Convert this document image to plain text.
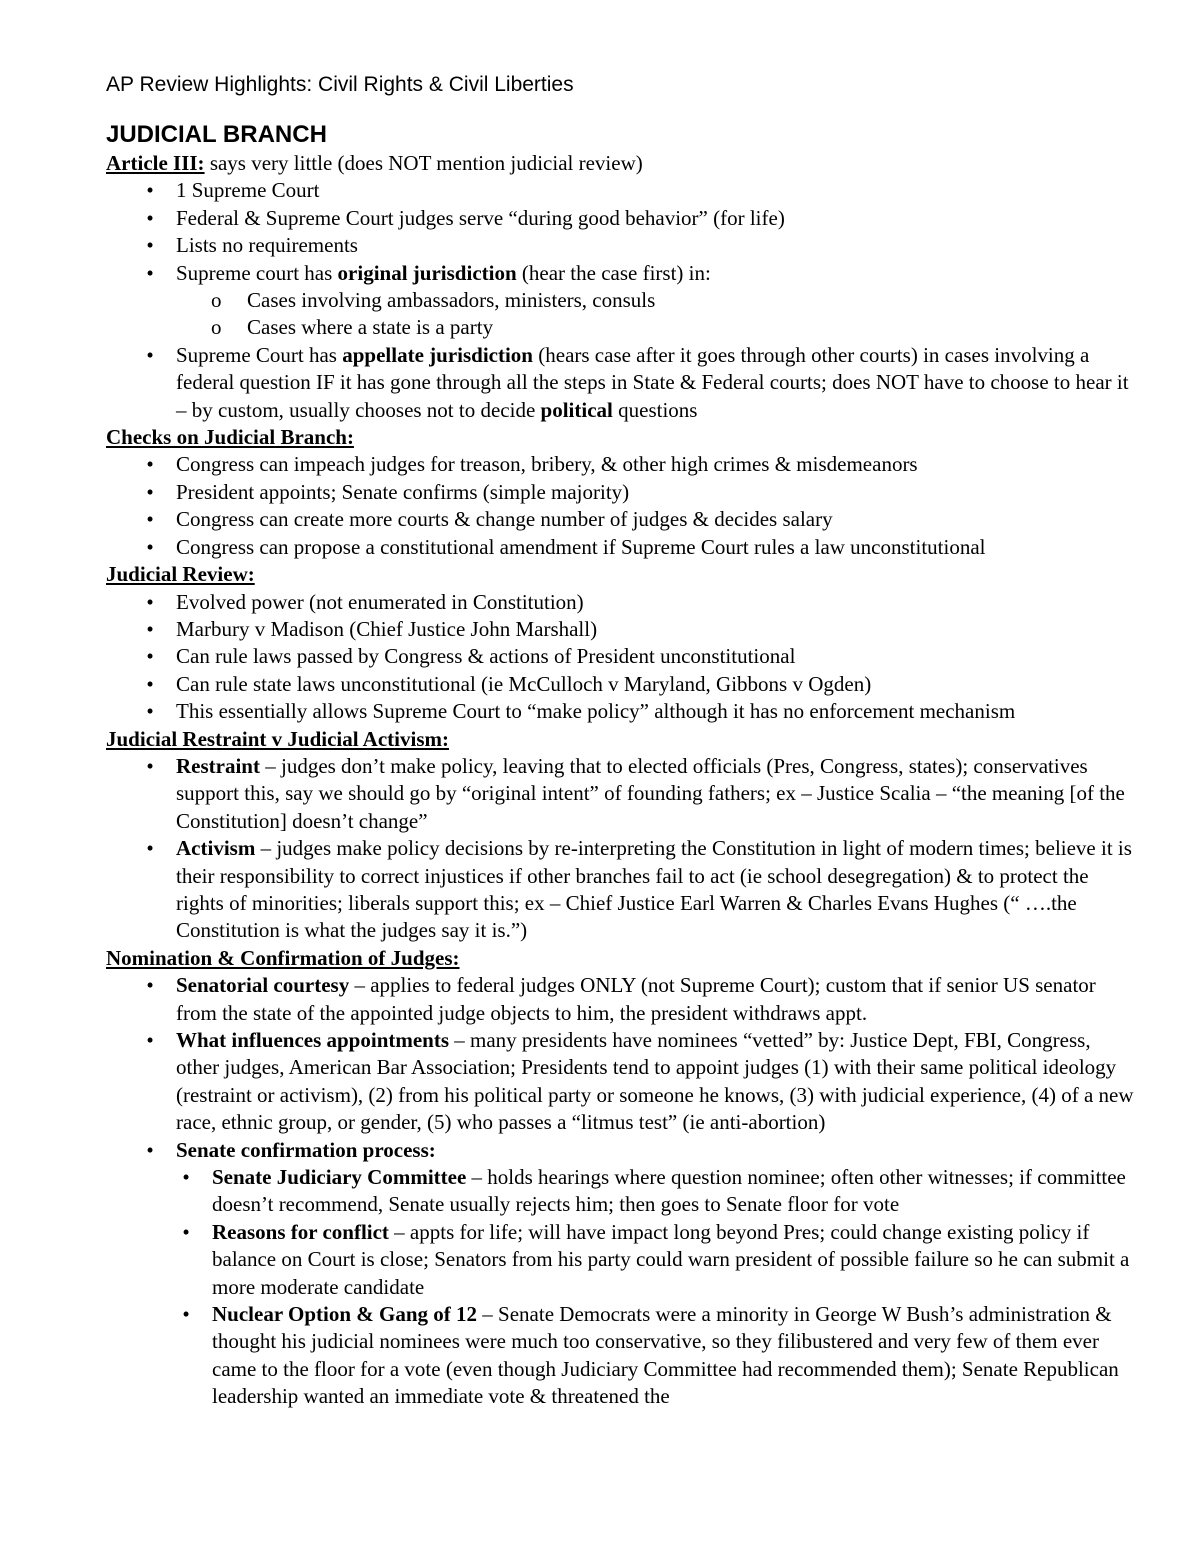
AP Review Highlights: Civil Rights & Civil Liberties
JUDICIAL BRANCH
Article III: says very little (does NOT mention judicial review)
• 1 Supreme Court
• Federal & Supreme Court judges serve “during good behavior” (for life)
• Lists no requirements
• Supreme court has original jurisdiction (hear the case first) in:
o Cases involving ambassadors, ministers, consuls
o Cases where a state is a party
• Supreme Court has appellate jurisdiction (hears case after it goes through other courts) in cases involving a federal question IF it has gone through all the steps in State & Federal courts; does NOT have to choose to hear it – by custom, usually chooses not to decide political questions
Checks on Judicial Branch:
• Congress can impeach judges for treason, bribery, & other high crimes & misdemeanors
• President appoints; Senate confirms (simple majority)
• Congress can create more courts & change number of judges & decides salary
• Congress can propose a constitutional amendment if Supreme Court rules a law unconstitutional
Judicial Review:
• Evolved power (not enumerated in Constitution)
• Marbury v Madison (Chief Justice John Marshall)
• Can rule laws passed by Congress & actions of President unconstitutional
• Can rule state laws unconstitutional (ie McCulloch v Maryland, Gibbons v Ogden)
• This essentially allows Supreme Court to “make policy” although it has no enforcement mechanism
Judicial Restraint v Judicial Activism:
• Restraint – judges don’t make policy, leaving that to elected officials (Pres, Congress, states); conservatives support this, say we should go by “original intent” of founding fathers; ex – Justice Scalia – “the meaning [of the Constitution] doesn’t change”
• Activism – judges make policy decisions by re-interpreting the Constitution in light of modern times; believe it is their responsibility to correct injustices if other branches fail to act (ie school desegregation) & to protect the rights of minorities; liberals support this; ex – Chief Justice Earl Warren & Charles Evans Hughes (“ ….the Constitution is what the judges say it is.”)
Nomination & Confirmation of Judges:
• Senatorial courtesy – applies to federal judges ONLY (not Supreme Court); custom that if senior US senator from the state of the appointed judge objects to him, the president withdraws appt.
• What influences appointments – many presidents have nominees “vetted” by: Justice Dept, FBI, Congress, other judges, American Bar Association; Presidents tend to appoint judges (1) with their same political ideology (restraint or activism), (2) from his political party or someone he knows, (3) with judicial experience, (4) of a new race, ethnic group, or gender, (5) who passes a “litmus test” (ie anti-abortion)
• Senate confirmation process:
• Senate Judiciary Committee – holds hearings where question nominee; often other witnesses; if committee doesn’t recommend, Senate usually rejects him; then goes to Senate floor for vote
• Reasons for conflict – appts for life; will have impact long beyond Pres; could change existing policy if balance on Court is close; Senators from his party could warn president of possible failure so he can submit a more moderate candidate
• Nuclear Option & Gang of 12 – Senate Democrats were a minority in George W Bush’s administration & thought his judicial nominees were much too conservative, so they filibustered and very few of them ever came to the floor for a vote (even though Judiciary Committee had recommended them); Senate Republican leadership wanted an immediate vote & threatened the
